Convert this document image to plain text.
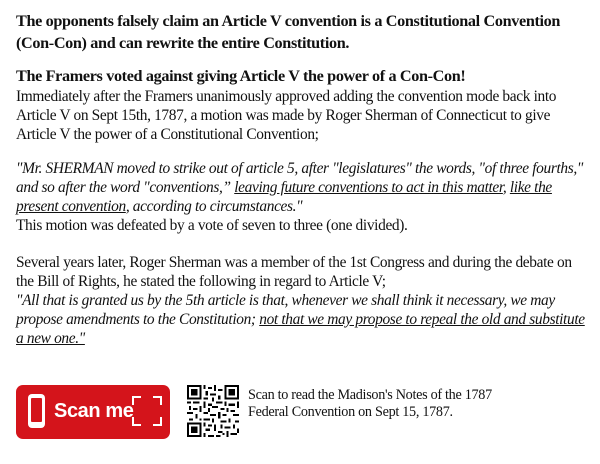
The opponents falsely claim an Article V convention is a Constitutional Convention (Con-Con) and can rewrite the entire Constitution.
The Framers voted against giving Article V the power of a Con-Con!
Immediately after the Framers unanimously approved adding the convention mode back into Article V on Sept 15th, 1787, a motion was made by Roger Sherman of Connecticut to give Article V the power of a Constitutional Convention;
"Mr. SHERMAN moved to strike out of article 5, after "legislatures" the words, "of three fourths," and so after the word "conventions,” leaving future conventions to act in this matter, like the present convention, according to circumstances."
This motion was defeated by a vote of seven to three (one divided).
Several years later, Roger Sherman was a member of the 1st Congress and during the debate on the Bill of Rights, he stated the following in regard to Article V;
"All that is granted us by the 5th article is that, whenever we shall think it necessary, we may propose amendments to the Constitution; not that we may propose to repeal the old and substitute a new one."
Scan me
Scan to read the Madison's Notes of the 1787 Federal Convention on Sept 15, 1787.
